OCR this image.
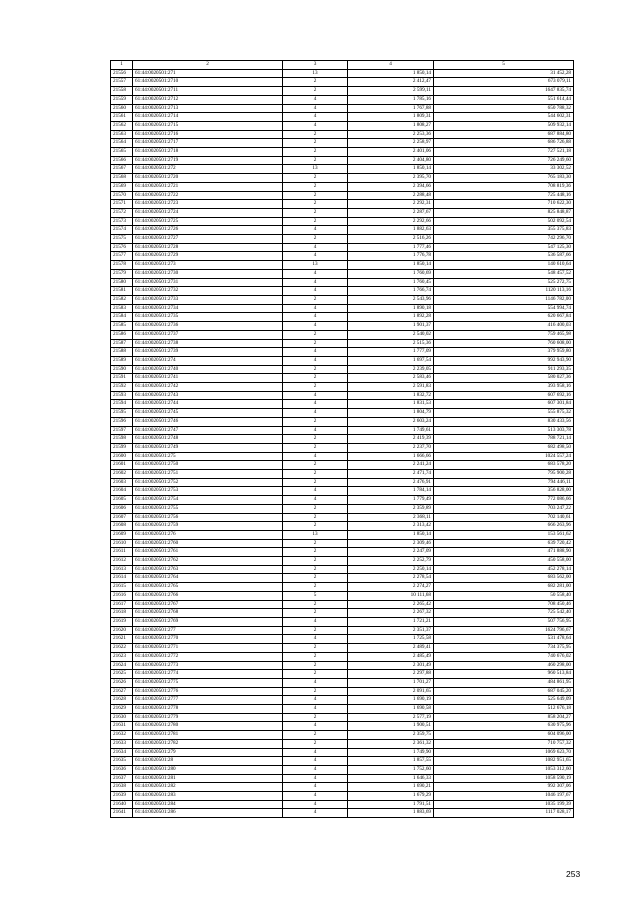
1	2	3	4	5
21556	61:44:0020501:271	13	1 850,14	31 452,28
21557	61:44:0020501:2710	2	2 412,47	673 079,11
21558	61:44:0020501:2711	2	2 599,11	1647 835,74
21559	61:44:0020501:2712	4	1 785,16	551 614,44
21560	61:44:0020501:2713	4	1 767,88	650 788,32
21561	61:44:0020501:2714	4	1 809,31	544 602,31
21562	61:44:0020501:2715	4	1 808,27	509 932,14
21563	61:44:0020501:2716	2	2 253,36	687 884,80
21564	61:44:0020501:2717	2	2 258,97	686 726,88
21565	61:44:0020501:2718	2	2 401,06	727 521,18
21566	61:44:0020501:2719	2	2 404,80	726 249,60
21567	61:44:0020501:272	13	1 850,14	33 302,52
21568	61:44:0020501:2720	2	2 395,70	765 183,30
21569	61:44:0020501:2721	2	2 394,66	708 819,36
21570	61:44:0020501:2722	2	2 288,48	725 448,16
21571	61:44:0020501:2723	2	2 292,31	710 622,30
21572	61:44:0020501:2724	2	2 287,67	825 848,87
21573	61:44:0020501:2725	2	2 292,66	502 092,54
21574	61:44:0020501:2726	4	1 882,63	355 375,83
21575	61:44:0020501:2727	2	2 516,26	742 296,70
21576	61:44:0020501:2728	4	1 777,46	547 125,30
21577	61:44:0020501:2729	4	1 776,78	536 587,66
21578	61:44:0020501:273	13	1 850,14	140 610,64
21579	61:44:0020501:2730	4	1 760,69	548 457,52
21580	61:44:0020501:2731	4	1 760,45	525 272,75
21581	61:44:0020501:2732	4	1 766,74	1120 113,16
21582	61:44:0020501:2733	2	2 543,96	1146 782,00
21583	61:44:0020501:2734	4	1 890,18	554 994,74
21584	61:44:0020501:2735	4	1 892,28	620 667,84
21585	61:44:0020501:2736	4	1 901,37	416 400,03
21586	61:44:0020501:2737	2	2 540,02	759 465,98
21587	61:44:0020501:2738	2	2 515,36	760 608,00
21588	61:44:0020501:2739	4	1 777,09	379 959,80
21589	61:44:0020501:274	4	1 697,54	992 943,90
21590	61:44:0020501:2740	2	2 239,05	911 293,35
21591	61:44:0020501:2741	2	2 583,46	580 027,36
21592	61:44:0020501:2742	2	2 591,83	393 958,16
21593	61:44:0020501:2743	4	1 832,72	607 692,16
21594	61:44:0020501:2744	4	1 831,53	607 301,84
21595	61:44:0020501:2745	4	1 804,79	555 875,32
21596	61:44:0020501:2746	2	2 603,24	830 433,56
21597	61:44:0020501:2747	4	1 749,61	513 303,78
21598	61:44:0020501:2748	2	2 419,39	788 721,14
21599	61:44:0020501:2749	2	2 237,70	682 498,50
21600	61:44:0020501:275	4	1 666,66	1024 557,24
21601	61:44:0020501:2750	2	2 241,24	683 578,20
21602	61:44:0020501:2751	2	2 471,74	795 900,28
21603	61:44:0020501:2752	2	2 476,91	794 446,11
21604	61:44:0020501:2753	4	1 784,14	356 828,00
21605	61:44:0020501:2754	4	1 779,49	772 086,66
21606	61:44:0020501:2755	2	2 359,89	703 247,22
21607	61:44:0020501:2756	2	2 368,11	702 140,61
21608	61:44:0020501:2759	2	2 313,42	666 263,96
21609	61:44:0020501:276	13	1 850,14	153 561,62
21610	61:44:0020501:2760	2	2 309,46	639 720,42
21611	61:44:0020501:2761	2	2 247,09	471 888,90
21612	61:44:0020501:2762	2	2 252,79	450 558,00
21613	61:44:0020501:2763	2	2 250,14	452 278,14
21614	61:44:0020501:2764	2	2 278,54	683 562,00
21615	61:44:0020501:2765	2	2 274,27	682 281,00
21616	61:44:0020501:2766	5	10 111,68	50 558,40
21617	61:44:0020501:2767	2	2 265,42	708 450,46
21618	61:44:0020501:2768	2	2 267,32	725 542,40
21619	61:44:0020501:2769	4	1 721,21	507 756,95
21620	61:44:0020501:277	2	2 351,37	1624 796,67
21621	61:44:0020501:2770	4	1 725,58	531 478,64
21622	61:44:0020501:2771	2	2 489,41	734 375,95
21623	61:44:0020501:2772	2	2 485,49	740 676,02
21624	61:44:0020501:2773	2	2 301,49	460 298,00
21625	61:44:0020501:2774	2	2 297,88	960 513,84
21626	61:44:0020501:2775	4	1 701,27	484 861,95
21627	61:44:0020501:2776	2	2 091,65	687 045,20
21628	61:44:0020501:2777	4	1 690,19	525 649,09
21629	61:44:0020501:2778	4	1 690,58	512 676,18
21630	61:44:0020501:2779	2	2 577,19	858 204,27
21631	61:44:0020501:2780	4	1 900,51	630 975,96
21632	61:44:0020501:2781	2	2 359,75	604 096,00
21633	61:44:0020501:2782	2	2 361,32	710 757,32
21634	61:44:0020501:279	4	1 749,90	1069 623,70
21635	61:44:0020501:28	4	1 857,55	1082 951,65
21636	61:44:0020501:280	4	1 752,60	1053 312,60
21637	61:44:0020501:281	4	1 646,33	1058 590,19
21638	61:44:0020501:282	4	1 690,21	992 307,06
21639	61:44:0020501:283	4	1 679,29	1046 197,67
21640	61:44:0020501:284	4	1 791,51	1035 199,39
21641	61:44:0020501:286	4	1 883,69	1117 028,17
253
